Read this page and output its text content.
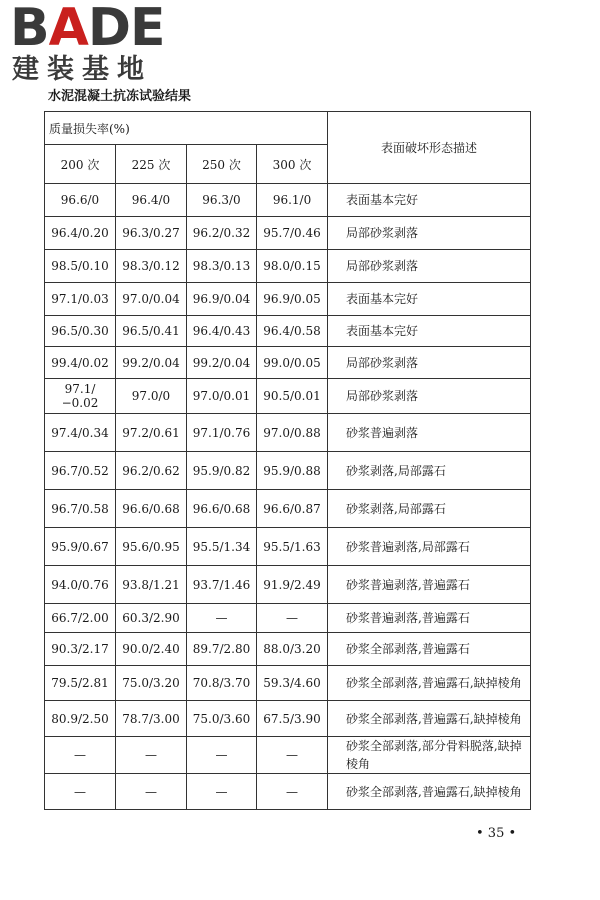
BADE
建装基地
水泥混凝土抗冻试验结果
质量损失率(%)				表面破坏形态描述
200 次	225 次	250 次	300 次	
96.6/0	96.4/0	96.3/0	96.1/0	表面基本完好
96.4/0.20	96.3/0.27	96.2/0.32	95.7/0.46	局部砂浆剥落
98.5/0.10	98.3/0.12	98.3/0.13	98.0/0.15	局部砂浆剥落
97.1/0.03	97.0/0.04	96.9/0.04	96.9/0.05	表面基本完好
96.5/0.30	96.5/0.41	96.4/0.43	96.4/0.58	表面基本完好
99.4/0.02	99.2/0.04	99.2/0.04	99.0/0.05	局部砂浆剥落
97.1/
−0.02	97.0/0	97.0/0.01	90.5/0.01	局部砂浆剥落
97.4/0.34	97.2/0.61	97.1/0.76	97.0/0.88	砂浆普遍剥落
96.7/0.52	96.2/0.62	95.9/0.82	95.9/0.88	砂浆剥落,局部露石
96.7/0.58	96.6/0.68	96.6/0.68	96.6/0.87	砂浆剥落,局部露石
95.9/0.67	95.6/0.95	95.5/1.34	95.5/1.63	砂浆普遍剥落,局部露石
94.0/0.76	93.8/1.21	93.7/1.46	91.9/2.49	砂浆普遍剥落,普遍露石
66.7/2.00	60.3/2.90	—	—	砂浆普遍剥落,普遍露石
90.3/2.17	90.0/2.40	89.7/2.80	88.0/3.20	砂浆全部剥落,普遍露石
79.5/2.81	75.0/3.20	70.8/3.70	59.3/4.60	砂浆全部剥落,普遍露石,缺掉棱角
80.9/2.50	78.7/3.00	75.0/3.60	67.5/3.90	砂浆全部剥落,普遍露石,缺掉棱角
—	—	—	—	砂浆全部剥落,部分骨料脱落,缺掉棱角
—	—	—	—	砂浆全部剥落,普遍露石,缺掉棱角
• 35 •
